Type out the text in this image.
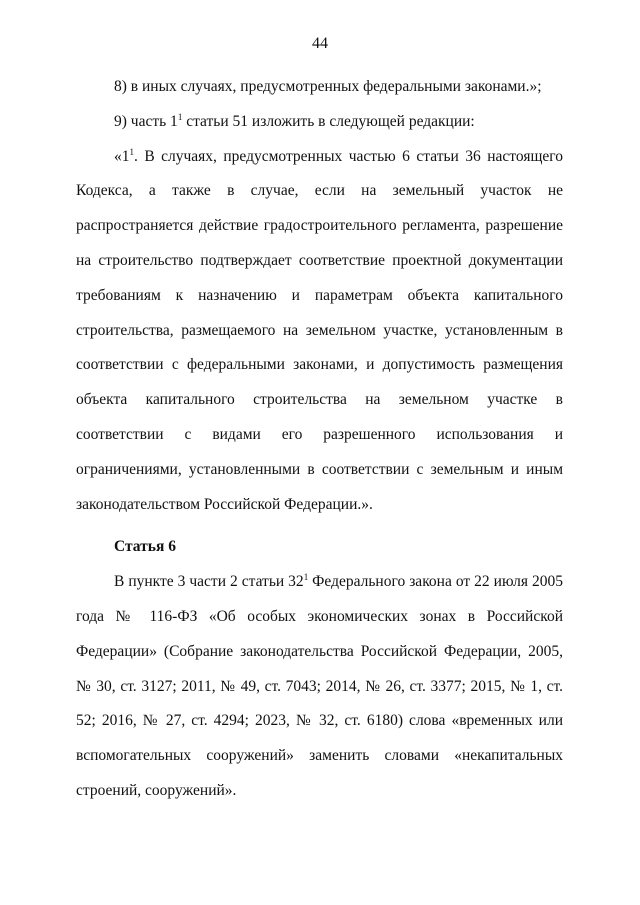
44

8) в иных случаях, предусмотренных федеральными законами.»;

9) часть $1^1$ статьи 51 изложить в следующей редакции:

«$1^1$. В случаях, предусмотренных частью 6 статьи 36 настоящего Кодекса, а также в случае, если на земельный участок не распространяется действие градостроительного регламента, разрешение на строительство подтверждает соответствие проектной документации требованиям к назначению и параметрам объекта капитального строительства, размещаемого на земельном участке, установленным в соответствии с федеральными законами, и допустимость размещения объекта капитального строительства на земельном участке в соответствии с видами его разрешенного использования и ограничениями, установленными в соответствии с земельным и иным законодательством Российской Федерации.».

Статья 6

В пункте 3 части 2 статьи $32^1$ Федерального закона от 22 июля 2005 года № 116-ФЗ «Об особых экономических зонах в Российской Федерации» (Собрание законодательства Российской Федерации, 2005, № 30, ст. 3127; 2011, № 49, ст. 7043; 2014, № 26, ст. 3377; 2015, № 1, ст. 52; 2016, № 27, ст. 4294; 2023, № 32, ст. 6180) слова «временных или вспомогательных сооружений» заменить словами «некапитальных строений, сооружений».
